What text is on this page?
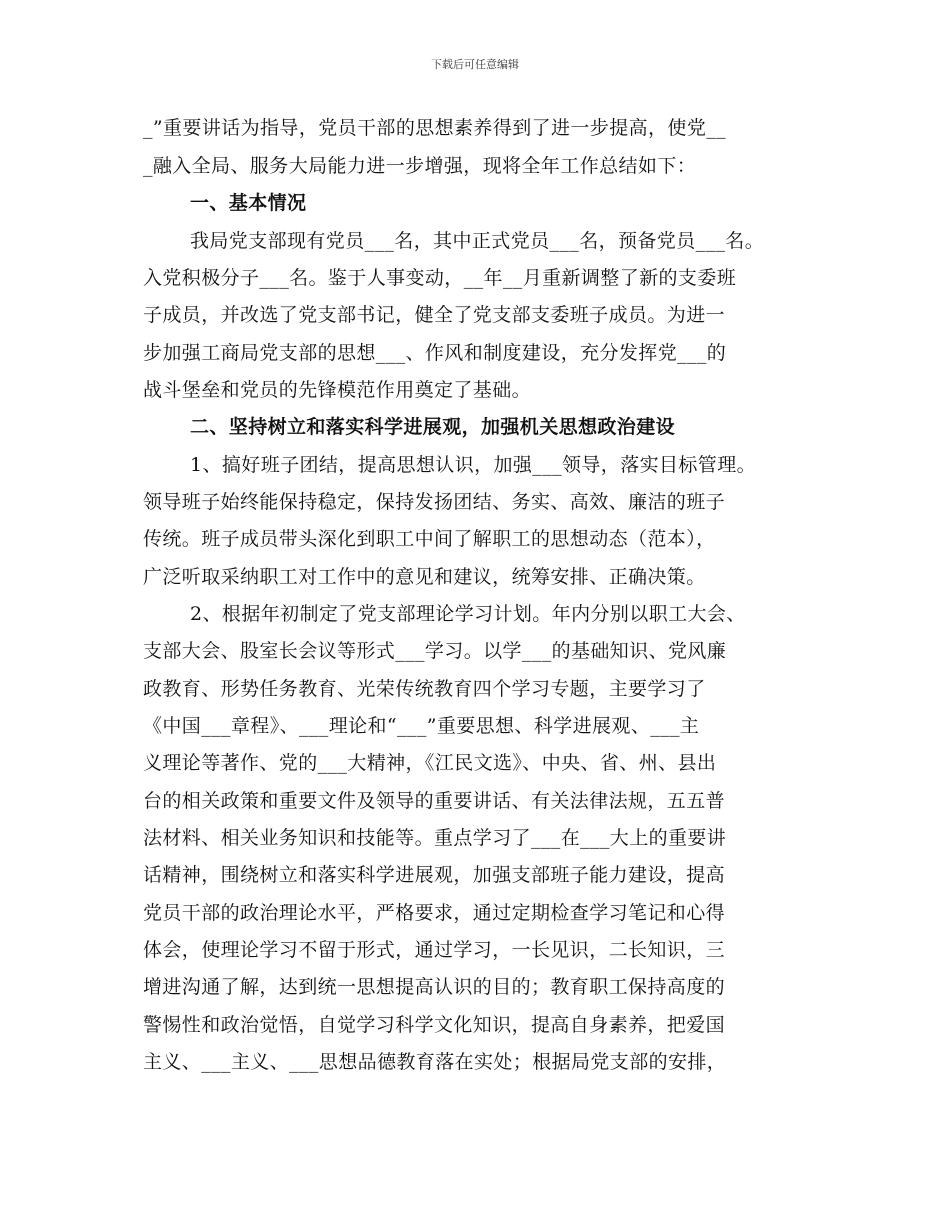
下载后可任意编辑
_”重要讲话为指导，党员干部的思想素养得到了进一步提高，使党__
_融入全局、服务大局能力进一步增强，现将全年工作总结如下：
一、基本情况
我局党支部现有党员___名，其中正式党员___名，预备党员___名。
入党积极分子___名。鉴于人事变动，__年__月重新调整了新的支委班
子成员，并改选了党支部书记，健全了党支部支委班子成员。为进一
步加强工商局党支部的思想___、作风和制度建设，充分发挥党___的
战斗堡垒和党员的先锋模范作用奠定了基础。
二、坚持树立和落实科学进展观，加强机关思想政治建设
1、搞好班子团结，提高思想认识，加强___领导，落实目标管理。
领导班子始终能保持稳定，保持发扬团结、务实、高效、廉洁的班子
传统。班子成员带头深化到职工中间了解职工的思想动态（范本），
广泛听取采纳职工对工作中的意见和建议，统筹安排、正确决策。
2、根据年初制定了党支部理论学习计划。年内分别以职工大会、
支部大会、股室长会议等形式___学习。以学___的基础知识、党风廉
政教育、形势任务教育、光荣传统教育四个学习专题，主要学习了
《中国___章程》、___理论和“___”重要思想、科学进展观、___主
义理论等著作、党的___大精神，《江民文选》、中央、省、州、县出
台的相关政策和重要文件及领导的重要讲话、有关法律法规，五五普
法材料、相关业务知识和技能等。重点学习了___在___大上的重要讲
话精神，围绕树立和落实科学进展观，加强支部班子能力建设，提高
党员干部的政治理论水平，严格要求，通过定期检查学习笔记和心得
体会，使理论学习不留于形式，通过学习，一长见识，二长知识，三
增进沟通了解，达到统一思想提高认识的目的；教育职工保持高度的
警惕性和政治觉悟，自觉学习科学文化知识，提高自身素养，把爱国
主义、___主义、___思想品德教育落在实处；根据局党支部的安排，
